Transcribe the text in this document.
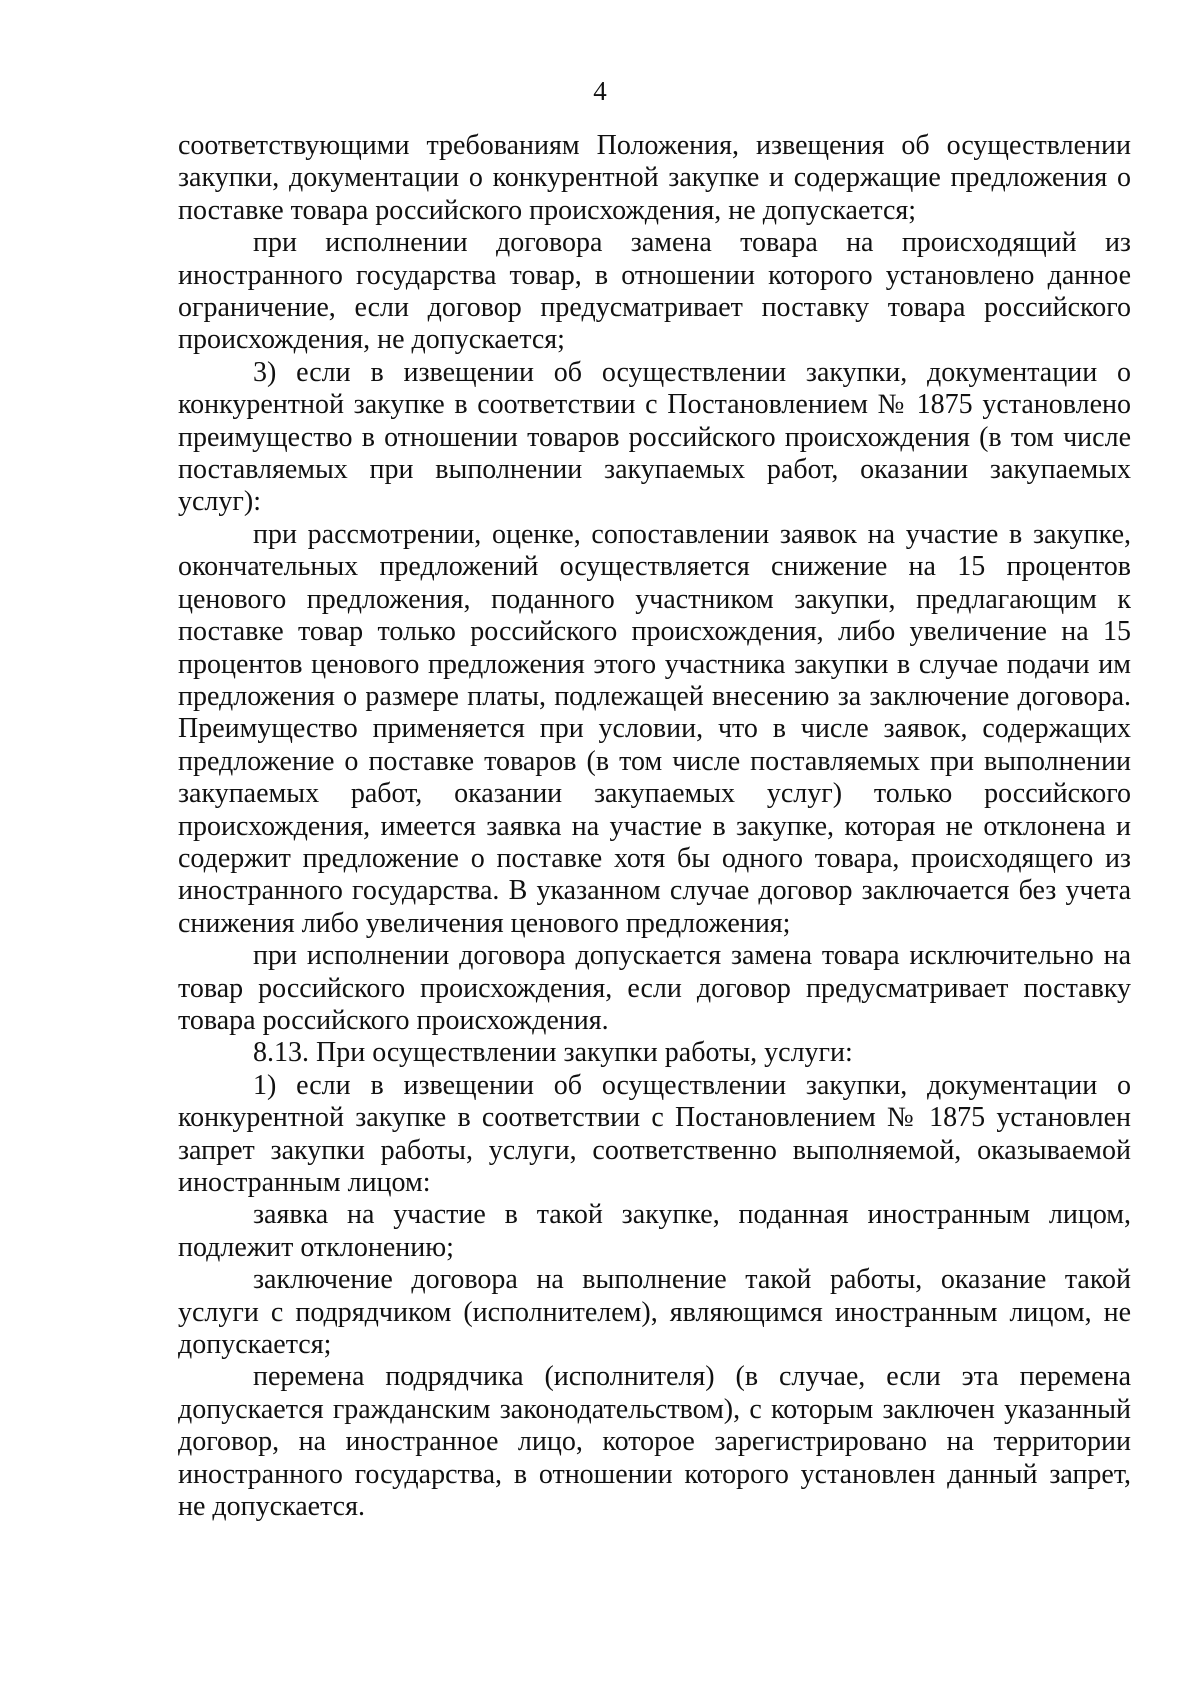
4

соответствующими требованиям Положения, извещения об осуществлении закупки, документации о конкурентной закупке и содержащие предложения о поставке товара российского происхождения, не допускается;

при исполнении договора замена товара на происходящий из иностранного государства товар, в отношении которого установлено данное ограничение, если договор предусматривает поставку товара российского происхождения, не допускается;

3) если в извещении об осуществлении закупки, документации о конкурентной закупке в соответствии с Постановлением № 1875 установлено преимущество в отношении товаров российского происхождения (в том числе поставляемых при выполнении закупаемых работ, оказании закупаемых услуг):

при рассмотрении, оценке, сопоставлении заявок на участие в закупке, окончательных предложений осуществляется снижение на 15 процентов ценового предложения, поданного участником закупки, предлагающим к поставке товар только российского происхождения, либо увеличение на 15 процентов ценового предложения этого участника закупки в случае подачи им предложения о размере платы, подлежащей внесению за заключение договора. Преимущество применяется при условии, что в числе заявок, содержащих предложение о поставке товаров (в том числе поставляемых при выполнении закупаемых работ, оказании закупаемых услуг) только российского происхождения, имеется заявка на участие в закупке, которая не отклонена и содержит предложение о поставке хотя бы одного товара, происходящего из иностранного государства. В указанном случае договор заключается без учета снижения либо увеличения ценового предложения;

при исполнении договора допускается замена товара исключительно на товар российского происхождения, если договор предусматривает поставку товара российского происхождения.

8.13. При осуществлении закупки работы, услуги:

1) если в извещении об осуществлении закупки, документации о конкурентной закупке в соответствии с Постановлением № 1875 установлен запрет закупки работы, услуги, соответственно выполняемой, оказываемой иностранным лицом:

заявка на участие в такой закупке, поданная иностранным лицом, подлежит отклонению;

заключение договора на выполнение такой работы, оказание такой услуги с подрядчиком (исполнителем), являющимся иностранным лицом, не допускается;

перемена подрядчика (исполнителя) (в случае, если эта перемена допускается гражданским законодательством), с которым заключен указанный договор, на иностранное лицо, которое зарегистрировано на территории иностранного государства, в отношении которого установлен данный запрет, не допускается.
